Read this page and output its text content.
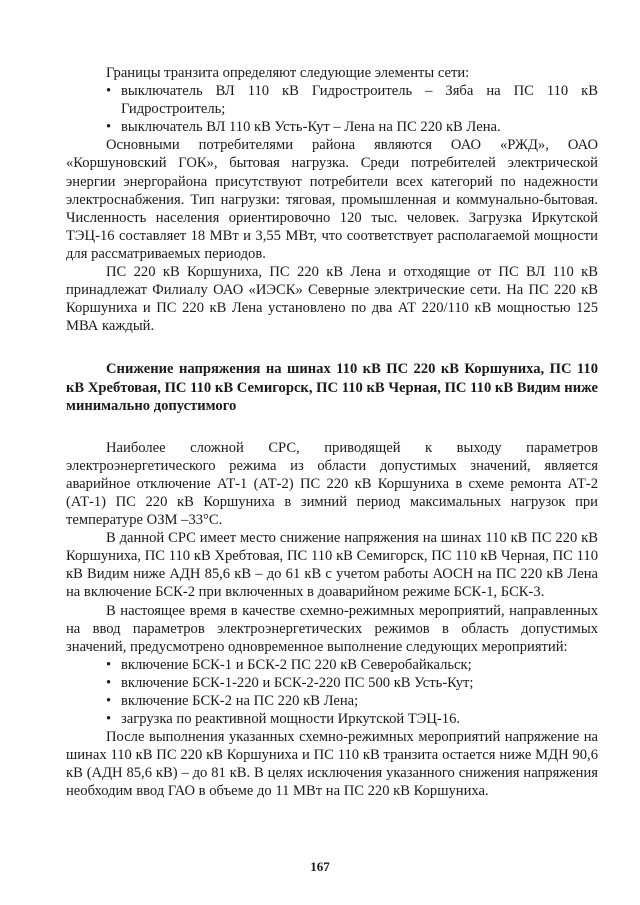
Границы транзита определяют следующие элементы сети:

• выключатель ВЛ 110 кВ Гидростроитель – Зяба на ПС 110 кВ Гидростроитель;
• выключатель ВЛ 110 кВ Усть-Кут – Лена на ПС 220 кВ Лена.

Основными потребителями района являются ОАО «РЖД», ОАО «Коршуновский ГОК», бытовая нагрузка. Среди потребителей электрической энергии энергорайона присутствуют потребители всех категорий по надежности электроснабжения. Тип нагрузки: тяговая, промышленная и коммунально-бытовая. Численность населения ориентировочно 120 тыс. человек. Загрузка Иркутской ТЭЦ-16 составляет 18 МВт и 3,55 МВт, что соответствует располагаемой мощности для рассматриваемых периодов.

ПС 220 кВ Коршуниха, ПС 220 кВ Лена и отходящие от ПС ВЛ 110 кВ принадлежат Филиалу ОАО «ИЭСК» Северные электрические сети. На ПС 220 кВ Коршуниха и ПС 220 кВ Лена установлено по два АТ 220/110 кВ мощностью 125 МВА каждый.

Снижение напряжения на шинах 110 кВ ПС 220 кВ Коршуниха, ПС 110 кВ Хребтовая, ПС 110 кВ Семигорск, ПС 110 кВ Черная, ПС 110 кВ Видим ниже минимально допустимого

Наиболее сложной СРС, приводящей к выходу параметров электроэнергетического режима из области допустимых значений, является аварийное отключение АТ-1 (АТ-2) ПС 220 кВ Коршуниха в схеме ремонта АТ-2 (АТ-1) ПС 220 кВ Коршуниха в зимний период максимальных нагрузок при температуре ОЗМ –33°С.

В данной СРС имеет место снижение напряжения на шинах 110 кВ ПС 220 кВ Коршуниха, ПС 110 кВ Хребтовая, ПС 110 кВ Семигорск, ПС 110 кВ Черная, ПС 110 кВ Видим ниже АДН 85,6 кВ – до 61 кВ с учетом работы АОСН на ПС 220 кВ Лена на включение БСК-2 при включенных в доаварийном режиме БСК-1, БСК-3.

В настоящее время в качестве схемно-режимных мероприятий, направленных на ввод параметров электроэнергетических режимов в область допустимых значений, предусмотрено одновременное выполнение следующих мероприятий:

• включение БСК-1 и БСК-2 ПС 220 кВ Северобайкальск;
• включение БСК-1-220 и БСК-2-220 ПС 500 кВ Усть-Кут;
• включение БСК-2 на ПС 220 кВ Лена;
• загрузка по реактивной мощности Иркутской ТЭЦ-16.

После выполнения указанных схемно-режимных мероприятий напряжение на шинах 110 кВ ПС 220 кВ Коршуниха и ПС 110 кВ транзита остается ниже МДН 90,6 кВ (АДН 85,6 кВ) – до 81 кВ. В целях исключения указанного снижения напряжения необходим ввод ГАО в объеме до 11 МВт на ПС 220 кВ Коршуниха.

167
